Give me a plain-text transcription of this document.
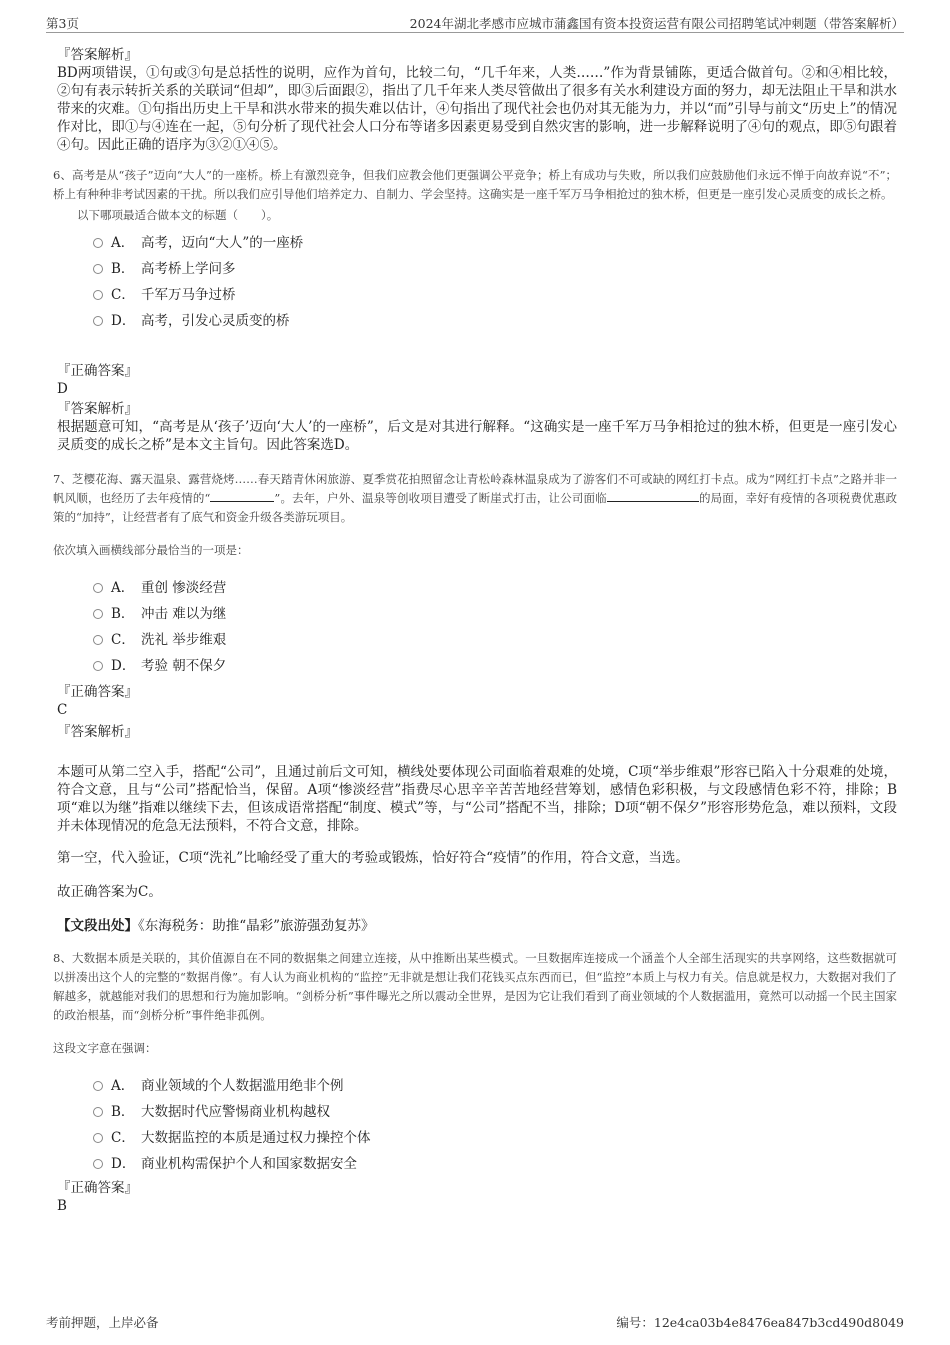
第3页	2024年湖北孝感市应城市蒲鑫国有资本投资运营有限公司招聘笔试冲刺题（带答案解析）

『答案解析』

BD两项错误，①句或③句是总括性的说明，应作为首句，比较二句，“几千年来，人类……”作为背景铺陈，更适合做首句。②和④相比较，②句有表示转折关系的关联词“但却”，即③后面跟②，指出了几千年来人类尽管做出了很多有关水利建设方面的努力，却无法阻止干旱和洪水带来的灾难。①句指出历史上干旱和洪水带来的损失难以估计，④句指出了现代社会也仍对其无能为力，并以“而”引导与前文“历史上”的情况作对比，即①与④连在一起，⑤句分析了现代社会人口分布等诸多因素更易受到自然灾害的影响，进一步解释说明了④句的观点，即⑤句跟着④句。因此正确的语序为③②①④⑤。

6、高考是从“孩子”迈向“大人”的一座桥。桥上有激烈竞争，但我们应教会他们更强调公平竞争；桥上有成功与失败，所以我们应鼓励他们永远不惮于向故弃说“不”；桥上有种种非考试因素的干扰。所以我们应引导他们培养定力、自制力、学会坚持。这确实是一座千军万马争相抢过的独木桥，但更是一座引发心灵质变的成长之桥。

以下哪项最适合做本文的标题（　　）。

A． 高考，迈向“大人”的一座桥
B． 高考桥上学问多
C． 千军万马争过桥
D． 高考，引发心灵质变的桥

『正确答案』

D

『答案解析』

根据题意可知，“高考是从‘孩子’迈向‘大人’的一座桥”，后文是对其进行解释。“这确实是一座千军万马争相抢过的独木桥，但更是一座引发心灵质变的成长之桥”是本文主旨句。因此答案选D。

7、芝樱花海、露天温泉、露营烧烤……春天踏青休闲旅游、夏季赏花拍照留念让青松岭森林温泉成为了游客们不可或缺的网红打卡点。成为“网红打卡点”之路并非一帆风顺，也经历了去年疫情的“	”。去年，户外、温泉等创收项目遭受了断崖式打击，让公司面临	的局面，幸好有疫情的各项税费优惠政策的“加持”，让经营者有了底气和资金升级各类游玩项目。

依次填入画横线部分最恰当的一项是：

A． 重创 惨淡经营
B． 冲击 难以为继
C． 洗礼 举步维艰
D． 考验 朝不保夕

『正确答案』

C

『答案解析』

本题可从第二空入手，搭配“公司”，且通过前后文可知，横线处要体现公司面临着艰难的处境，C项“举步维艰”形容已陷入十分艰难的处境，符合文意，且与“公司”搭配恰当，保留。A项“惨淡经营”指费尽心思辛辛苦苦地经营筹划，感情色彩积极，与文段感情色彩不符，排除；B项“难以为继”指难以继续下去，但该成语常搭配“制度、模式”等，与“公司”搭配不当，排除；D项“朝不保夕”形容形势危急，难以预料，文段并未体现情况的危急无法预料，不符合文意，排除。

第一空，代入验证，C项“洗礼”比喻经受了重大的考验或锻炼，恰好符合“疫情”的作用，符合文意，当选。

故正确答案为C。

【文段出处】《东海税务：助推“晶彩”旅游强劲复苏》

8、大数据本质是关联的，其价值源自在不同的数据集之间建立连接，从中推断出某些模式。一旦数据库连接成一个涵盖个人全部生活现实的共享网络，这些数据就可以拼凑出这个人的完整的“数据肖像”。有人认为商业机构的“监控”无非就是想让我们花钱买点东西而已，但“监控”本质上与权力有关。信息就是权力，大数据对我们了解越多，就越能对我们的思想和行为施加影响。“剑桥分析”事件曝光之所以震动全世界，是因为它让我们看到了商业领域的个人数据滥用，竟然可以动摇一个民主国家的政治根基，而“剑桥分析”事件绝非孤例。

这段文字意在强调：

A． 商业领域的个人数据滥用绝非个例
B． 大数据时代应警惕商业机构越权
C． 大数据监控的本质是通过权力操控个体
D． 商业机构需保护个人和国家数据安全

『正确答案』

B

考前押题，上岸必备	编号：12e4ca03b4e8476ea847b3cd490d8049
